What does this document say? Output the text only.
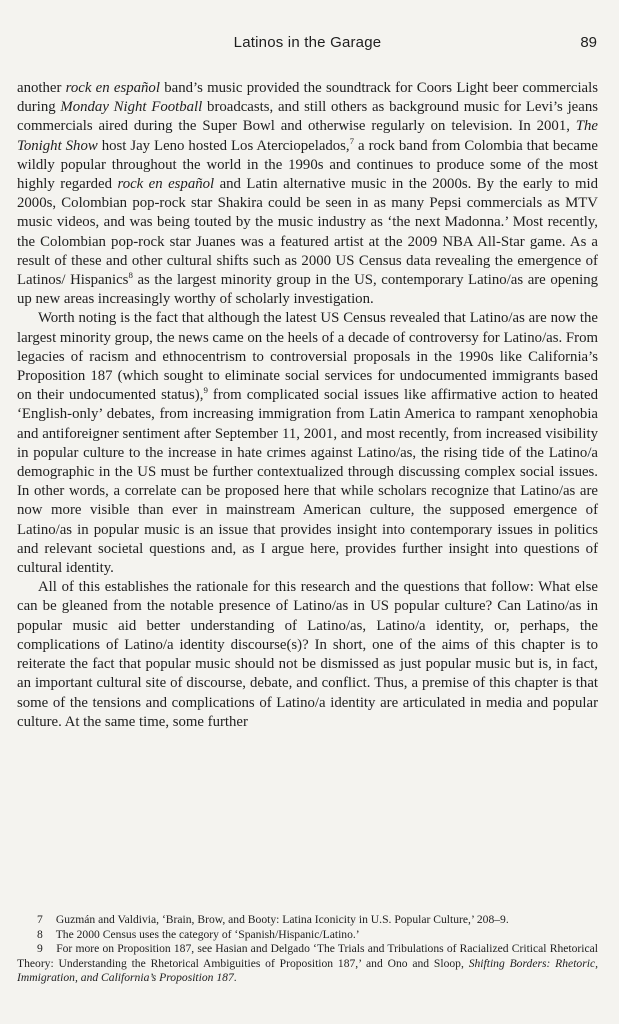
Latinos in the Garage	89

another rock en español band’s music provided the soundtrack for Coors Light beer commercials during Monday Night Football broadcasts, and still others as background music for Levi’s jeans commercials aired during the Super Bowl and otherwise regularly on television. In 2001, The Tonight Show host Jay Leno hosted Los Aterciopelados,$^7$ a rock band from Colombia that became wildly popular throughout the world in the 1990s and continues to produce some of the most highly regarded rock en español and Latin alternative music in the 2000s. By the early to mid 2000s, Colombian pop-rock star Shakira could be seen in as many Pepsi commercials as MTV music videos, and was being touted by the music industry as ‘the next Madonna.’ Most recently, the Colombian pop-rock star Juanes was a featured artist at the 2009 NBA All-Star game. As a result of these and other cultural shifts such as 2000 US Census data revealing the emergence of Latinos/ Hispanics$^8$ as the largest minority group in the US, contemporary Latino/as are opening up new areas increasingly worthy of scholarly investigation.

Worth noting is the fact that although the latest US Census revealed that Latino/as are now the largest minority group, the news came on the heels of a decade of controversy for Latino/as. From legacies of racism and ethnocentrism to controversial proposals in the 1990s like California’s Proposition 187 (which sought to eliminate social services for undocumented immigrants based on their undocumented status),$^9$ from complicated social issues like affirmative action to heated ‘English-only’ debates, from increasing immigration from Latin America to rampant xenophobia and antiforeigner sentiment after September 11, 2001, and most recently, from increased visibility in popular culture to the increase in hate crimes against Latino/as, the rising tide of the Latino/a demographic in the US must be further contextualized through discussing complex social issues. In other words, a correlate can be proposed here that while scholars recognize that Latino/as are now more visible than ever in mainstream American culture, the supposed emergence of Latino/as in popular music is an issue that provides insight into contemporary issues in politics and relevant societal questions and, as I argue here, provides further insight into questions of cultural identity.

All of this establishes the rationale for this research and the questions that follow: What else can be gleaned from the notable presence of Latino/as in US popular culture? Can Latino/as in popular music aid better understanding of Latino/as, Latino/a identity, or, perhaps, the complications of Latino/a identity discourse(s)? In short, one of the aims of this chapter is to reiterate the fact that popular music should not be dismissed as just popular music but is, in fact, an important cultural site of discourse, debate, and conflict. Thus, a premise of this chapter is that some of the tensions and complications of Latino/a identity are articulated in media and popular culture. At the same time, some further

7 Guzmán and Valdivia, ‘Brain, Brow, and Booty: Latina Iconicity in U.S. Popular Culture,’ 208–9.

8 The 2000 Census uses the category of ‘Spanish/Hispanic/Latino.’

9 For more on Proposition 187, see Hasian and Delgado ‘The Trials and Tribulations of Racialized Critical Rhetorical Theory: Understanding the Rhetorical Ambiguities of Proposition 187,’ and Ono and Sloop, Shifting Borders: Rhetoric, Immigration, and California’s Proposition 187.
